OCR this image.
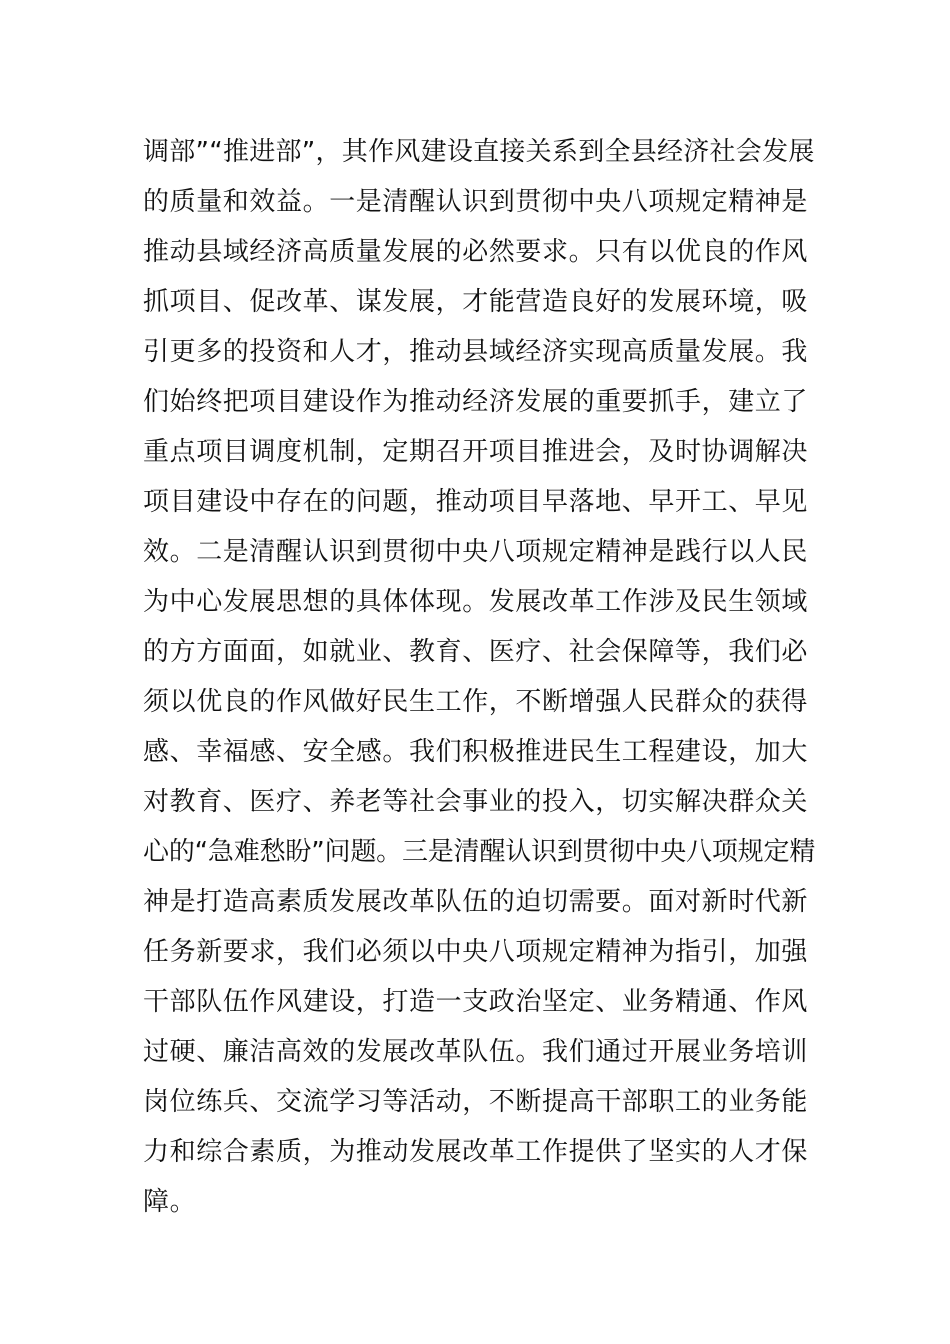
调部”“推进部”，其作风建设直接关系到全县经济社会发展
的质量和效益。一是清醒认识到贯彻中央八项规定精神是
推动县域经济高质量发展的必然要求。只有以优良的作风
抓项目、促改革、谋发展，才能营造良好的发展环境，吸
引更多的投资和人才，推动县域经济实现高质量发展。我
们始终把项目建设作为推动经济发展的重要抓手，建立了
重点项目调度机制，定期召开项目推进会，及时协调解决
项目建设中存在的问题，推动项目早落地、早开工、早见
效。二是清醒认识到贯彻中央八项规定精神是践行以人民
为中心发展思想的具体体现。发展改革工作涉及民生领域
的方方面面，如就业、教育、医疗、社会保障等，我们必
须以优良的作风做好民生工作，不断增强人民群众的获得
感、幸福感、安全感。我们积极推进民生工程建设，加大
对教育、医疗、养老等社会事业的投入，切实解决群众关
心的“急难愁盼”问题。三是清醒认识到贯彻中央八项规定精
神是打造高素质发展改革队伍的迫切需要。面对新时代新
任务新要求，我们必须以中央八项规定精神为指引，加强
干部队伍作风建设，打造一支政治坚定、业务精通、作风
过硬、廉洁高效的发展改革队伍。我们通过开展业务培训
岗位练兵、交流学习等活动，不断提高干部职工的业务能
力和综合素质，为推动发展改革工作提供了坚实的人才保
障。
